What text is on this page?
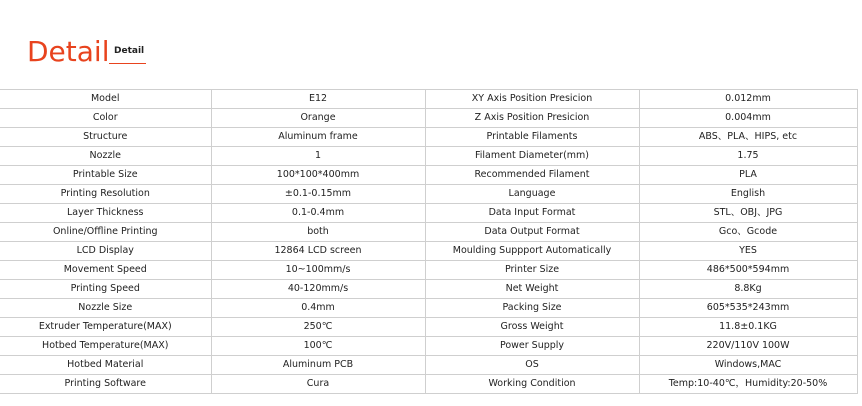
Detail Detail
Model	E12	XY Axis Position Presicion	0.012mm
Color	Orange	Z Axis Position Presicion	0.004mm
Structure	Aluminum frame	Printable Filaments	ABS、PLA、HIPS, etc
Nozzle	1	Filament Diameter(mm)	1.75
Printable Size	100*100*400mm	Recommended Filament	PLA
Printing Resolution	±0.1-0.15mm	Language	English
Layer Thickness	0.1-0.4mm	Data Input Format	STL、OBJ、JPG
Online/Offline Printing	both	Data Output Format	Gco、Gcode
LCD Display	12864 LCD screen	Moulding Suppport Automatically	YES
Movement Speed	10~100mm/s	Printer Size	486*500*594mm
Printing Speed	40-120mm/s	Net Weight	8.8Kg
Nozzle Size	0.4mm	Packing Size	605*535*243mm
Extruder Temperature(MAX)	250℃	Gross Weight	11.8±0.1KG
Hotbed Temperature(MAX)	100℃	Power Supply	220V/110V 100W
Hotbed Material	Aluminum PCB	OS	Windows,MAC
Printing Software	Cura	Working Condition	Temp:10-40℃，Humidity:20-50%
